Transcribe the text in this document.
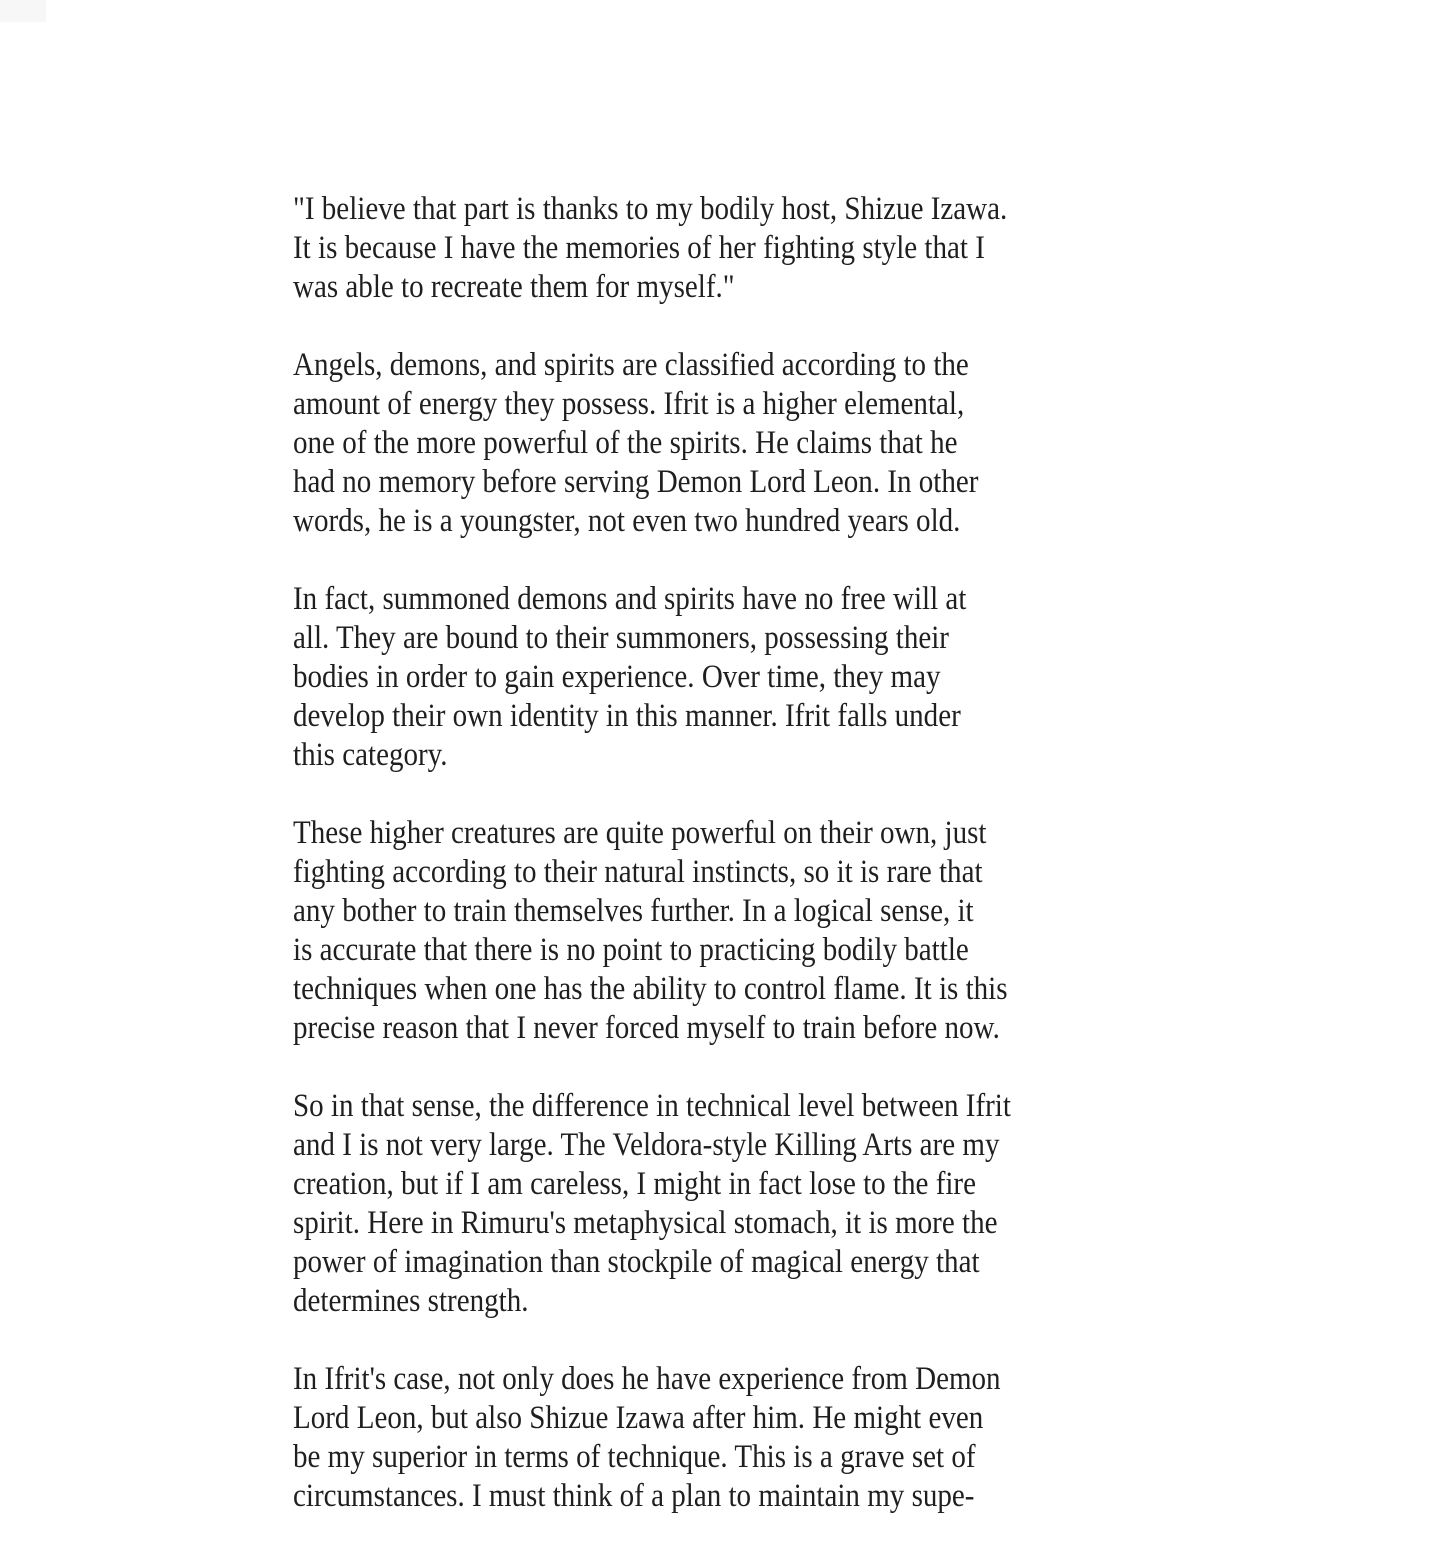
"I believe that part is thanks to my bodily host, Shizue Izawa.
It is because I have the memories of her fighting style that I
was able to recreate them for myself."

Angels, demons, and spirits are classified according to the
amount of energy they possess. Ifrit is a higher elemental,
one of the more powerful of the spirits. He claims that he
had no memory before serving Demon Lord Leon. In other
words, he is a youngster, not even two hundred years old.

In fact, summoned demons and spirits have no free will at
all. They are bound to their summoners, possessing their
bodies in order to gain experience. Over time, they may
develop their own identity in this manner. Ifrit falls under
this category.

These higher creatures are quite powerful on their own, just
fighting according to their natural instincts, so it is rare that
any bother to train themselves further. In a logical sense, it
is accurate that there is no point to practicing bodily battle
techniques when one has the ability to control flame. It is this
precise reason that I never forced myself to train before now.

So in that sense, the difference in technical level between Ifrit
and I is not very large. The Veldora-style Killing Arts are my
creation, but if I am careless, I might in fact lose to the fire
spirit. Here in Rimuru's metaphysical stomach, it is more the
power of imagination than stockpile of magical energy that
determines strength.

In Ifrit's case, not only does he have experience from Demon
Lord Leon, but also Shizue Izawa after him. He might even
be my superior in terms of technique. This is a grave set of
circumstances. I must think of a plan to maintain my supe-
